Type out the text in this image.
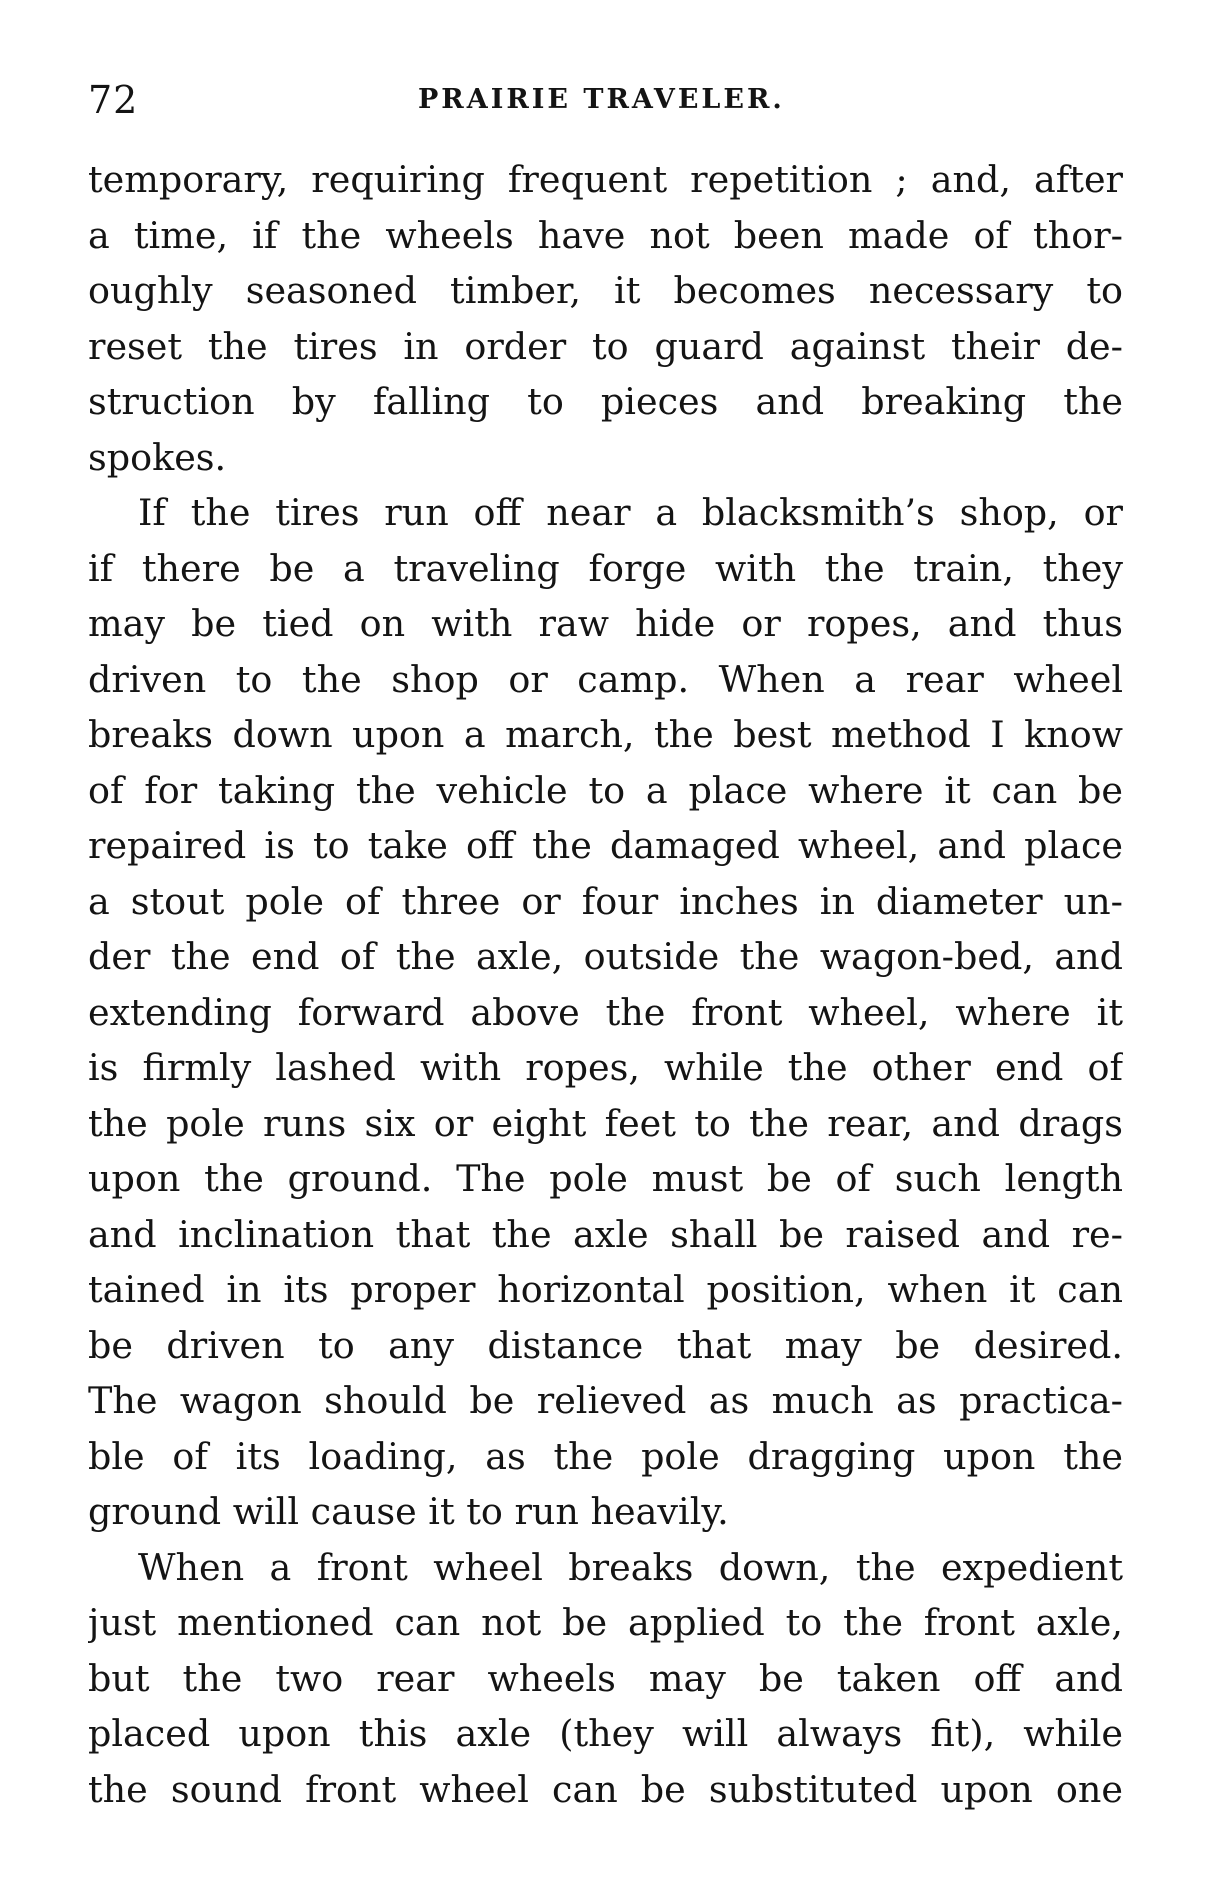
72	PRAIRIE TRAVELER.
temporary, requiring frequent repetition ; and, after
a time, if the wheels have not been made of thor-
oughly seasoned timber, it becomes necessary to
reset the tires in order to guard against their de-
struction by falling to pieces and breaking the
spokes.
If the tires run off near a blacksmith’s shop, or
if there be a traveling forge with the train, they
may be tied on with raw hide or ropes, and thus
driven to the shop or camp. When a rear wheel
breaks down upon a march, the best method I know
of for taking the vehicle to a place where it can be
repaired is to take off the damaged wheel, and place
a stout pole of three or four inches in diameter un-
der the end of the axle, outside the wagon-bed, and
extending forward above the front wheel, where it
is firmly lashed with ropes, while the other end of
the pole runs six or eight feet to the rear, and drags
upon the ground. The pole must be of such length
and inclination that the axle shall be raised and re-
tained in its proper horizontal position, when it can
be driven to any distance that may be desired.
The wagon should be relieved as much as practica-
ble of its loading, as the pole dragging upon the
ground will cause it to run heavily.
When a front wheel breaks down, the expedient
just mentioned can not be applied to the front axle,
but the two rear wheels may be taken off and
placed upon this axle (they will always fit), while
the sound front wheel can be substituted upon one
